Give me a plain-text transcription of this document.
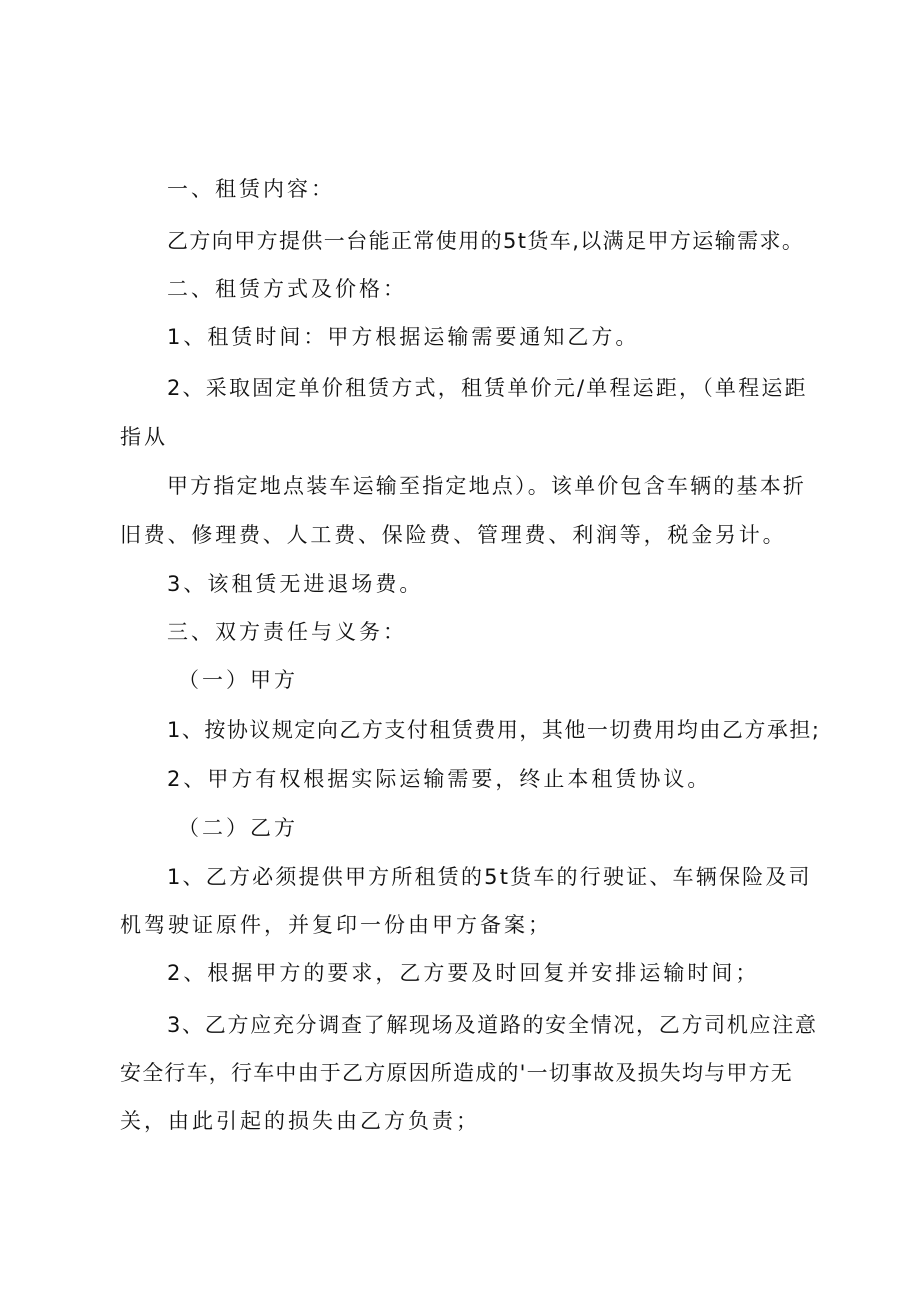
一、租赁内容：
乙方向甲方提供一台能正常使用的5t货车,以满足甲方运输需求。
二、租赁方式及价格：
1、租赁时间：甲方根据运输需要通知乙方。
2、采取固定单价租赁方式，租赁单价元/单程运距，（单程运距
指从
甲方指定地点装车运输至指定地点）。该单价包含车辆的基本折
旧费、修理费、人工费、保险费、管理费、利润等，税金另计。
3、该租赁无进退场费。
三、双方责任与义务：
（一）甲方
1、按协议规定向乙方支付租赁费用，其他一切费用均由乙方承担;
2、甲方有权根据实际运输需要，终止本租赁协议。
（二）乙方
1、乙方必须提供甲方所租赁的5t货车的行驶证、车辆保险及司
机驾驶证原件，并复印一份由甲方备案；
2、根据甲方的要求，乙方要及时回复并安排运输时间；
3、乙方应充分调查了解现场及道路的安全情况，乙方司机应注意
安全行车，行车中由于乙方原因所造成的'一切事故及损失均与甲方无
关，由此引起的损失由乙方负责；
